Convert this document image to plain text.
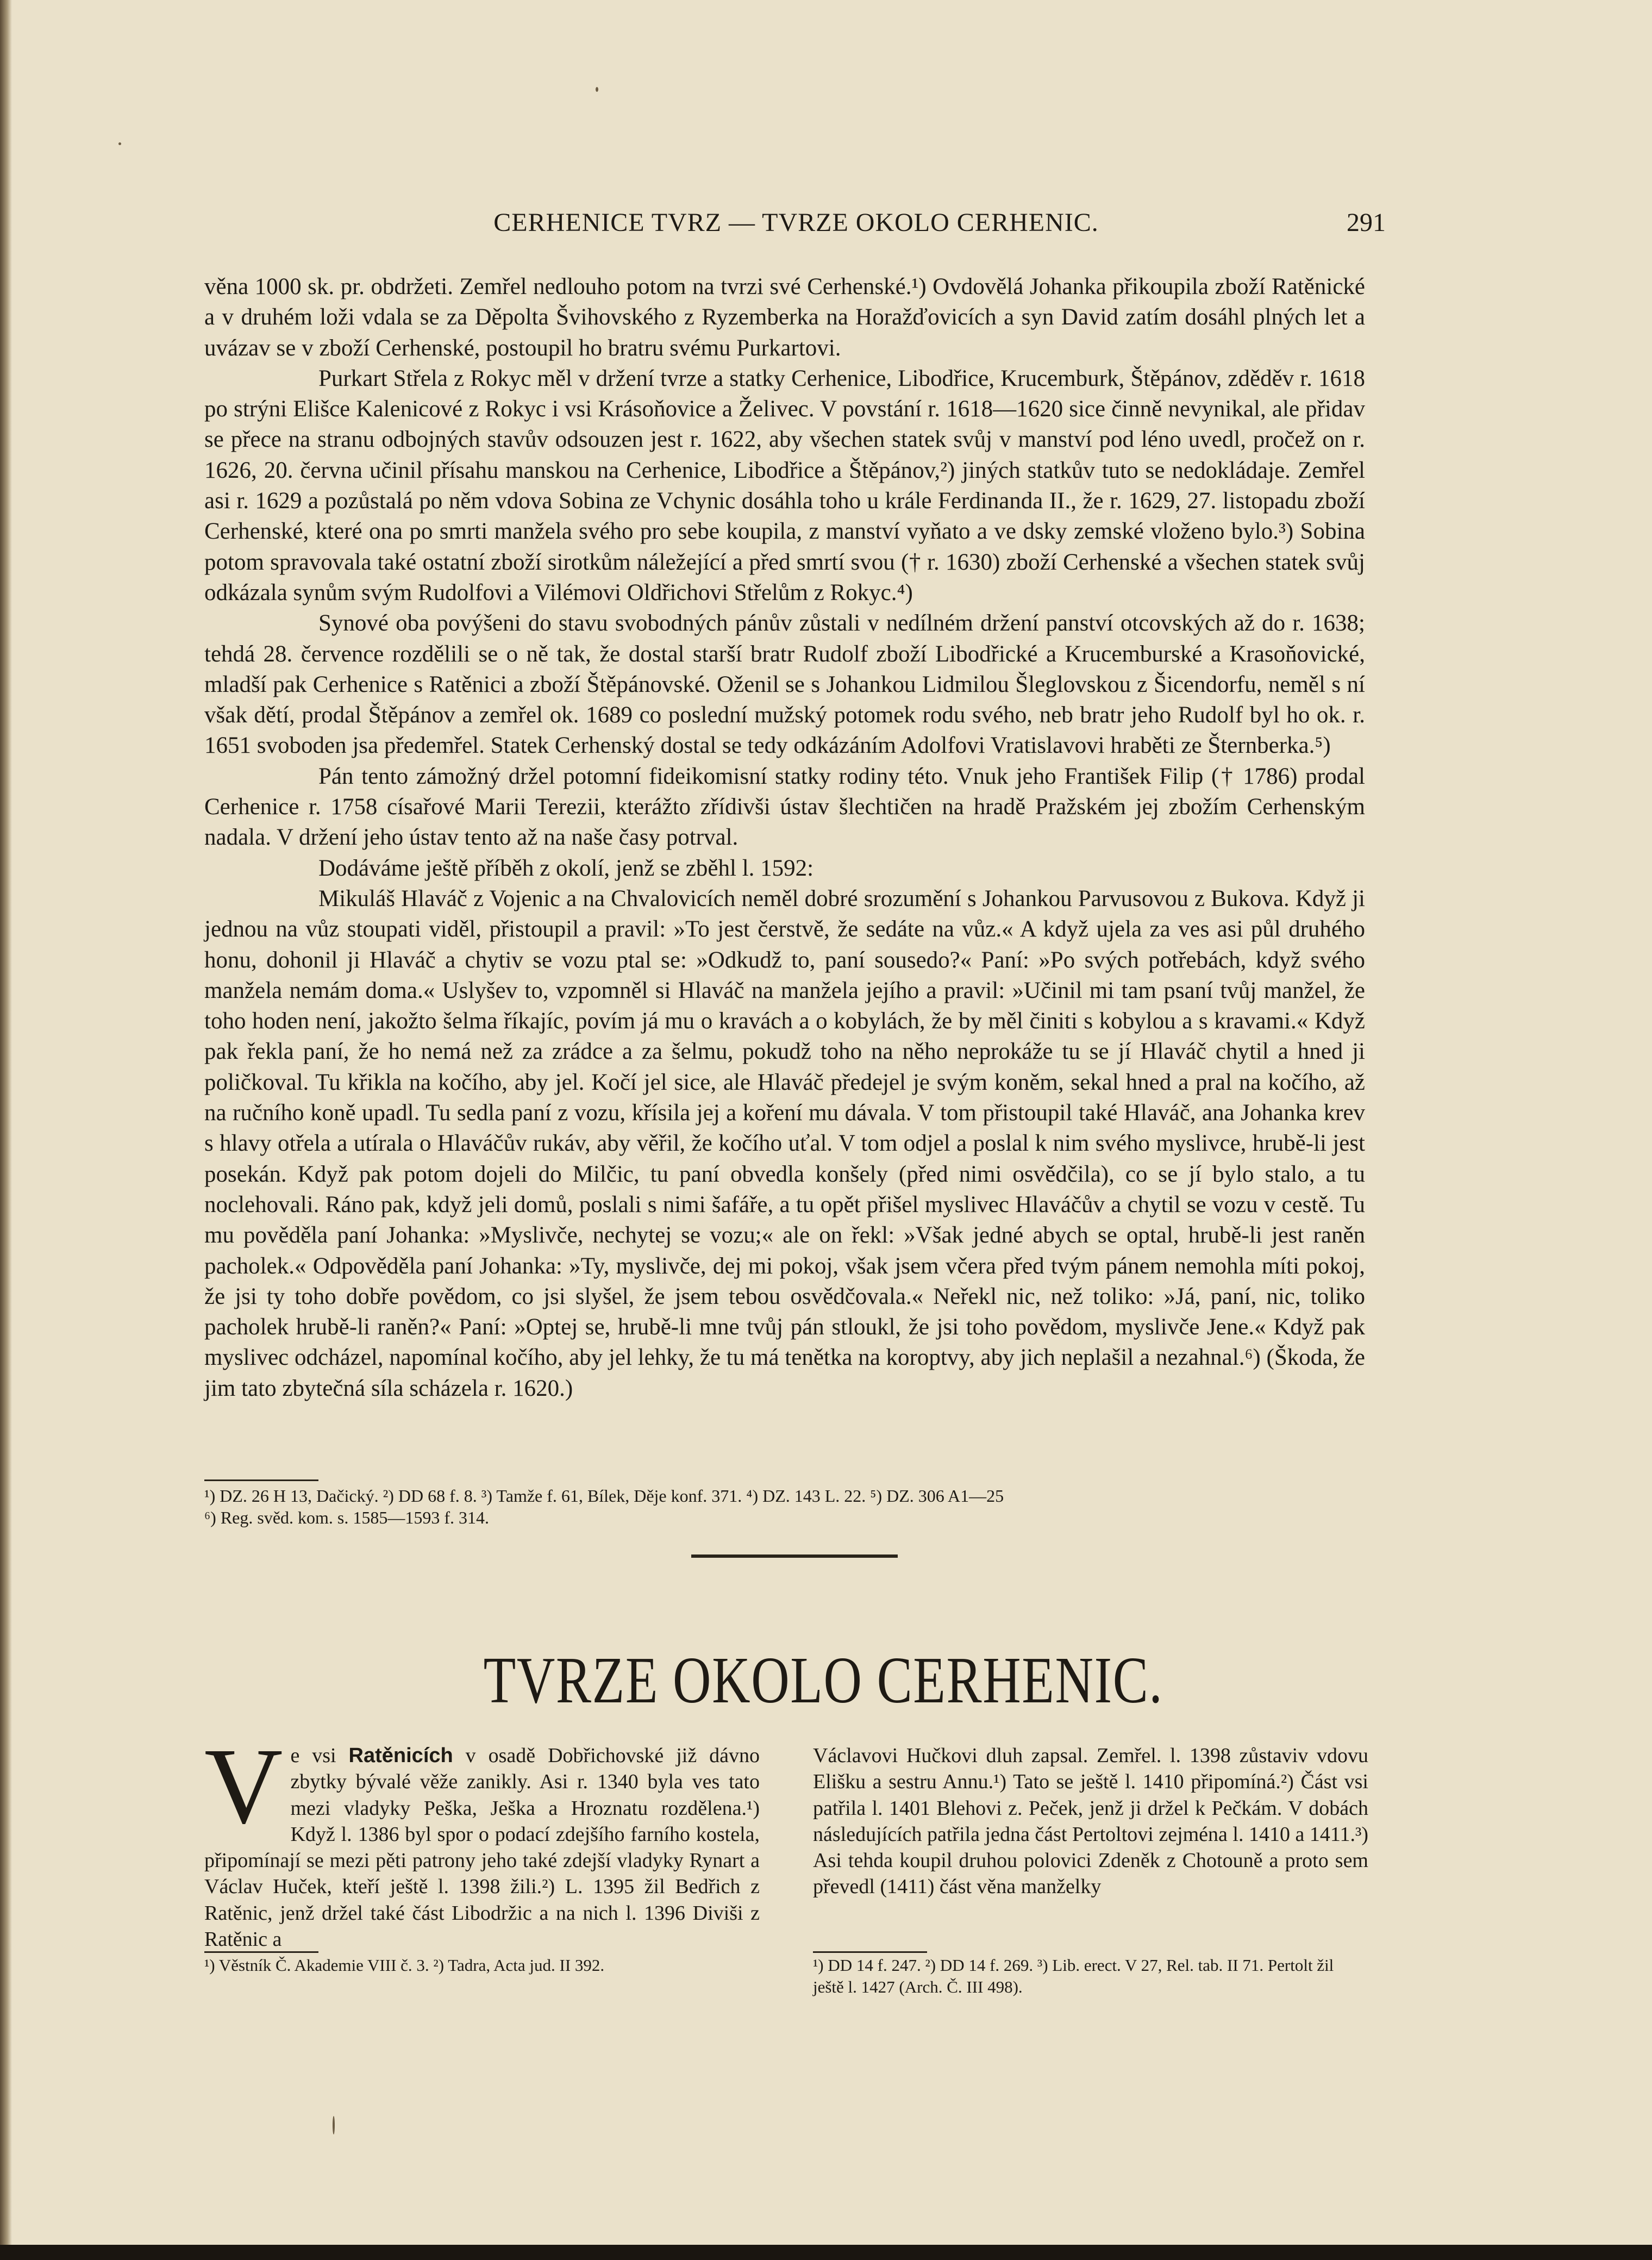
CERHENICE TVRZ — TVRZE OKOLO CERHENIC.	291

věna 1000 sk. pr. obdržeti. Zemřel nedlouho potom na tvrzi své Cerhenské.¹) Ovdovělá Johanka přikoupila zboží Ratěnické a v druhém loži vdala se za Děpolta Švihovského z Ryzemberka na Horažďovicích a syn David zatím dosáhl plných let a uvázav se v zboží Cerhenské, postoupil ho bratru svému Purkartovi.

Purkart Střela z Rokyc měl v držení tvrze a statky Cerhenice, Libodřice, Krucemburk, Štěpánov, zděděv r. 1618 po strýni Elišce Kalenicové z Rokyc i vsi Krásoňovice a Želivec. V povstání r. 1618—1620 sice činně nevynikal, ale přidav se přece na stranu odbojných stavův odsouzen jest r. 1622, aby všechen statek svůj v manství pod léno uvedl, pročež on r. 1626, 20. června učinil přísahu manskou na Cerhenice, Libodřice a Štěpánov,²) jiných statkův tuto se nedokládaje. Zemřel asi r. 1629 a pozůstalá po něm vdova Sobina ze Vchynic dosáhla toho u krále Ferdinanda II., že r. 1629, 27. listopadu zboží Cerhenské, které ona po smrti manžela svého pro sebe koupila, z manství vyňato a ve dsky zemské vloženo bylo.³) Sobina potom spravovala také ostatní zboží sirotkům náležející a před smrtí svou († r. 1630) zboží Cerhenské a všechen statek svůj odkázala synům svým Rudolfovi a Vilémovi Oldřichovi Střelům z Rokyc.⁴)

Synové oba povýšeni do stavu svobodných pánův zůstali v nedílném držení panství otcovských až do r. 1638; tehdá 28. července rozdělili se o ně tak, že dostal starší bratr Rudolf zboží Libodřické a Krucemburské a Krasoňovické, mladší pak Cerhenice s Ratěnici a zboží Štěpánovské. Oženil se s Johankou Lidmilou Šleglovskou z Šicendorfu, neměl s ní však dětí, prodal Štěpánov a zemřel ok. 1689 co poslední mužský potomek rodu svého, neb bratr jeho Rudolf byl ho ok. r. 1651 svoboden jsa předemřel. Statek Cerhenský dostal se tedy odkázáním Adolfovi Vratislavovi hraběti ze Šternberka.⁵)

Pán tento zámožný držel potomní fideikomisní statky rodiny této. Vnuk jeho František Filip († 1786) prodal Cerhenice r. 1758 císařové Marii Terezii, kterážto zřídivši ústav šlechtičen na hradě Pražském jej zbožím Cerhenským nadala. V držení jeho ústav tento až na naše časy potrval.

Dodáváme ještě příběh z okolí, jenž se zběhl l. 1592:

Mikuláš Hlaváč z Vojenic a na Chvalovicích neměl dobré srozumění s Johankou Parvusovou z Bukova. Když ji jednou na vůz stoupati viděl, přistoupil a pravil: »To jest čerstvě, že sedáte na vůz.« A když ujela za ves asi půl druhého honu, dohonil ji Hlaváč a chytiv se vozu ptal se: »Odkudž to, paní sousedo?« Paní: »Po svých potřebách, když svého manžela nemám doma.« Uslyšev to, vzpomněl si Hlaváč na manžela jejího a pravil: »Učinil mi tam psaní tvůj manžel, že toho hoden není, jakožto šelma říkajíc, povím já mu o kravách a o kobylách, že by měl činiti s kobylou a s kravami.« Když pak řekla paní, že ho nemá než za zrádce a za šelmu, pokudž toho na něho neprokáže tu se jí Hlaváč chytil a hned ji poličkoval. Tu křikla na kočího, aby jel. Kočí jel sice, ale Hlaváč předejel je svým koněm, sekal hned a pral na kočího, až na ručního koně upadl. Tu sedla paní z vozu, křísila jej a koření mu dávala. V tom přistoupil také Hlaváč, ana Johanka krev s hlavy otřela a utírala o Hlaváčův rukáv, aby věřil, že kočího uťal. V tom odjel a poslal k nim svého myslivce, hrubě-li jest posekán. Když pak potom dojeli do Milčic, tu paní obvedla konšely (před nimi osvědčila), co se jí bylo stalo, a tu noclehovali. Ráno pak, když jeli domů, poslali s nimi šafáře, a tu opět přišel myslivec Hlaváčův a chytil se vozu v cestě. Tu mu pověděla paní Johanka: »Myslivče, nechytej se vozu;« ale on řekl: »Však jedné abych se optal, hrubě-li jest raněn pacholek.« Odpověděla paní Johanka: »Ty, myslivče, dej mi pokoj, však jsem včera před tvým pánem nemohla míti pokoj, že jsi ty toho dobře povědom, co jsi slyšel, že jsem tebou osvědčovala.« Neřekl nic, než toliko: »Já, paní, nic, toliko pacholek hrubě-li raněn?« Paní: »Optej se, hrubě-li mne tvůj pán stloukl, že jsi toho povědom, myslivče Jene.« Když pak myslivec odcházel, napomínal kočího, aby jel lehky, že tu má tenětka na koroptvy, aby jich neplašil a nezahnal.⁶) (Škoda, že jim tato zbytečná síla scházela r. 1620.)

¹) DZ. 26 H 13, Dačický. ²) DD 68 f. 8. ³) Tamže f. 61, Bílek, Děje konf. 371. ⁴) DZ. 143 L. 22. ⁵) DZ. 306 A1—25
⁶) Reg. svěd. kom. s. 1585—1593 f. 314.
TVRZE OKOLO CERHENIC.

Ve vsi Ratěnicích v osadě Dobřichovské již dávno zbytky bývalé věže zanikly. Asi r. 1340 byla ves tato mezi vladyky Peška, Ješka a Hroznatu rozdělena.¹) Když l. 1386 byl spor o podací zdejšího farního kostela, připomínají se mezi pěti patrony jeho také zdejší vladyky Rynart a Václav Huček, kteří ještě l. 1398 žili.²) L. 1395 žil Bedřich z Ratěnic, jenž držel také část Libodržic a na nich l. 1396 Diviši z Ratěnic a

¹) Věstník Č. Akademie VIII č. 3. ²) Tadra, Acta jud. II 392.

Václavovi Hučkovi dluh zapsal. Zemřel. l. 1398 zůstaviv vdovu Elišku a sestru Annu.¹) Tato se ještě l. 1410 připomíná.²) Část vsi patřila l. 1401 Blehovi z. Peček, jenž ji držel k Pečkám. V dobách následujících patřila jedna část Pertoltovi zejména l. 1410 a 1411.³) Asi tehda koupil druhou polovici Zdeněk z Chotouně a proto sem převedl (1411) část věna manželky

¹) DD 14 f. 247. ²) DD 14 f. 269. ³) Lib. erect. V 27, Rel. tab. II 71. Pertolt žil ještě l. 1427 (Arch. Č. III 498).
